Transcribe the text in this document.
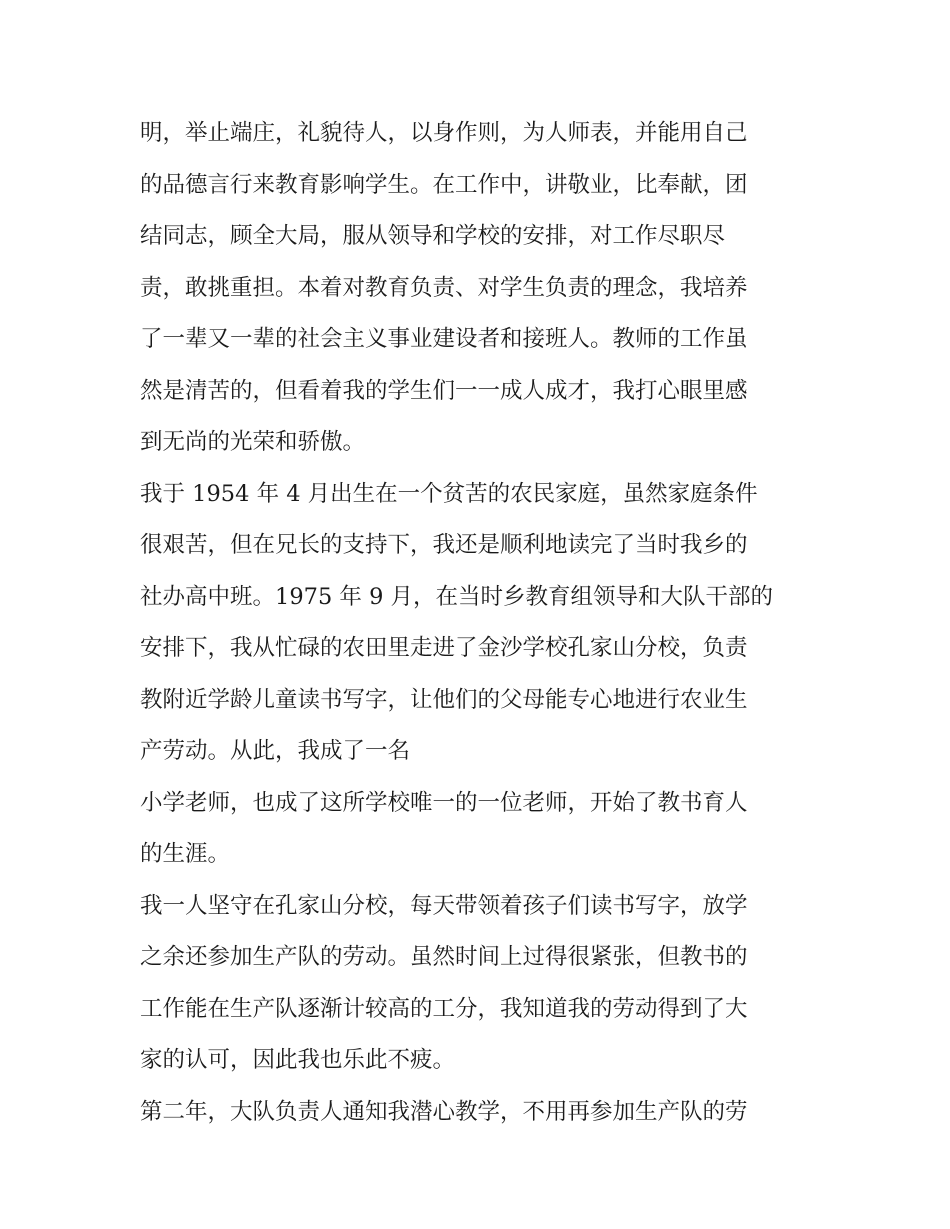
明，举止端庄，礼貌待人，以身作则，为人师表，并能用自己
的品德言行来教育影响学生。在工作中，讲敬业，比奉献，团
结同志，顾全大局，服从领导和学校的安排，对工作尽职尽
责，敢挑重担。本着对教育负责、对学生负责的理念，我培养
了一辈又一辈的社会主义事业建设者和接班人。教师的工作虽
然是清苦的，但看着我的学生们一一成人成才，我打心眼里感
到无尚的光荣和骄傲。
我于 1954 年 4 月出生在一个贫苦的农民家庭，虽然家庭条件
很艰苦，但在兄长的支持下，我还是顺利地读完了当时我乡的
社办高中班。1975 年 9 月，在当时乡教育组领导和大队干部的
安排下，我从忙碌的农田里走进了金沙学校孔家山分校，负责
教附近学龄儿童读书写字，让他们的父母能专心地进行农业生
产劳动。从此，我成了一名
小学老师，也成了这所学校唯一的一位老师，开始了教书育人
的生涯。
我一人坚守在孔家山分校，每天带领着孩子们读书写字，放学
之余还参加生产队的劳动。虽然时间上过得很紧张，但教书的
工作能在生产队逐渐计较高的工分，我知道我的劳动得到了大
家的认可，因此我也乐此不疲。
第二年，大队负责人通知我潜心教学，不用再参加生产队的劳
